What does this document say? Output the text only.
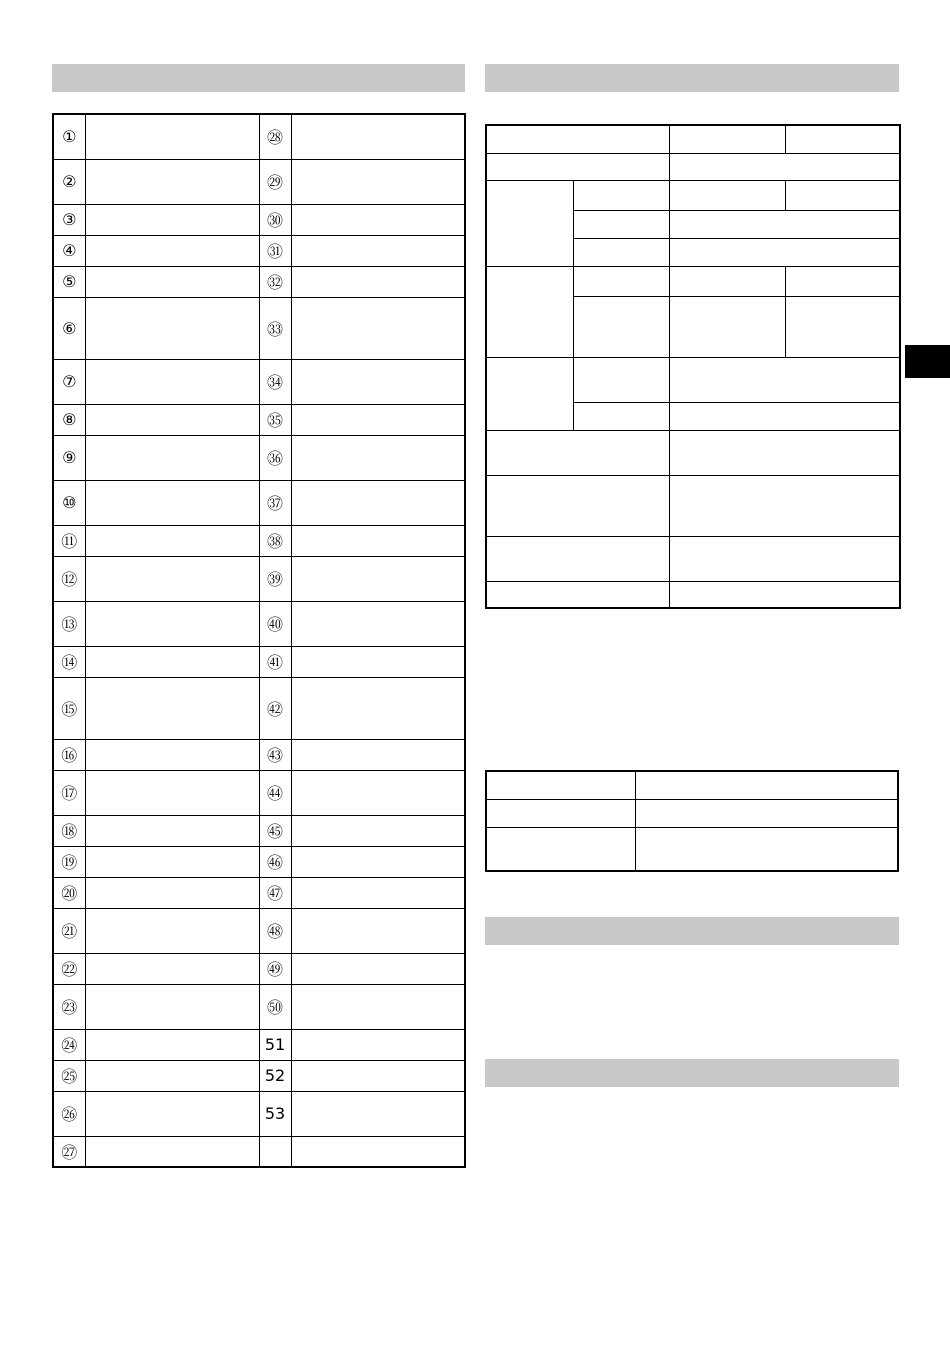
①		㉘	
②		㉙	
③		㉚	
④		㉛	
⑤		㉜	
⑥		㉝	
⑦		㉞	
⑧		㉟	
⑨		㊱	
⑩		㊲	
⑪		㊳	
⑫		㊴	
⑬		㊵	
⑭		㊶	
⑮		㊷	
⑯		㊸	
⑰		㊹	
⑱		㊺	
⑲		㊻	
⑳		㊼	
㉑		㊽	
㉒		㊾	
㉓		㊿	
㉔		51	
㉕		52	
㉖		53	
㉗			
